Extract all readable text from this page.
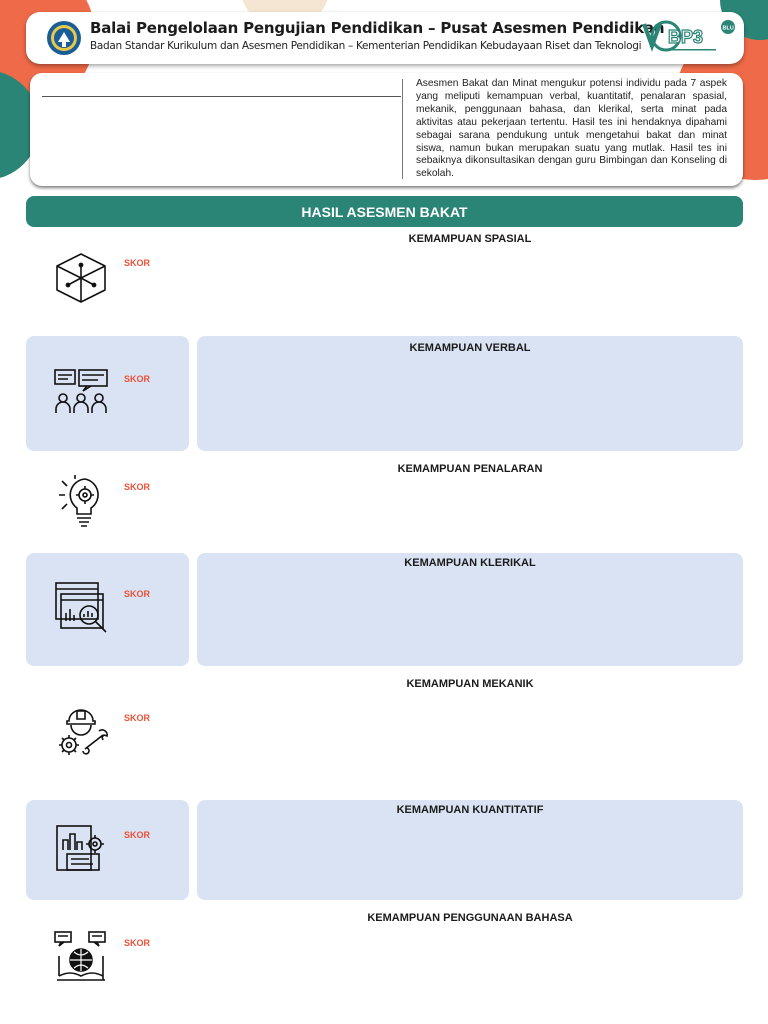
Balai Pengelolaan Pengujian Pendidikan – Pusat Asesmen Pendidikan
Badan Standar Kurikulum dan Asesmen Pendidikan – Kementerian Pendidikan Kebudayaan Riset dan Teknologi BP3	BLU
Asesmen Bakat dan Minat mengukur potensi individu pada 7 aspek yang meliputi kemampuan verbal, kuantitatif, penalaran spasial, mekanik, penggunaan bahasa, dan klerikal, serta minat pada aktivitas atau pekerjaan tertentu. Hasil tes ini hendaknya dipahami sebagai sarana pendukung untuk mengetahui bakat dan minat siswa, namun bukan merupakan suatu yang mutlak. Hasil tes ini sebaiknya dikonsultasikan dengan guru Bimbingan dan Konseling di sekolah.
HASIL ASESMEN BAKAT
SKOR
KEMAMPUAN SPASIAL
SKOR
KEMAMPUAN VERBAL
SKOR
KEMAMPUAN PENALARAN
SKOR
KEMAMPUAN KLERIKAL
SKOR
KEMAMPUAN MEKANIK
SKOR
KEMAMPUAN KUANTITATIF
SKOR
KEMAMPUAN PENGGUNAAN BAHASA
